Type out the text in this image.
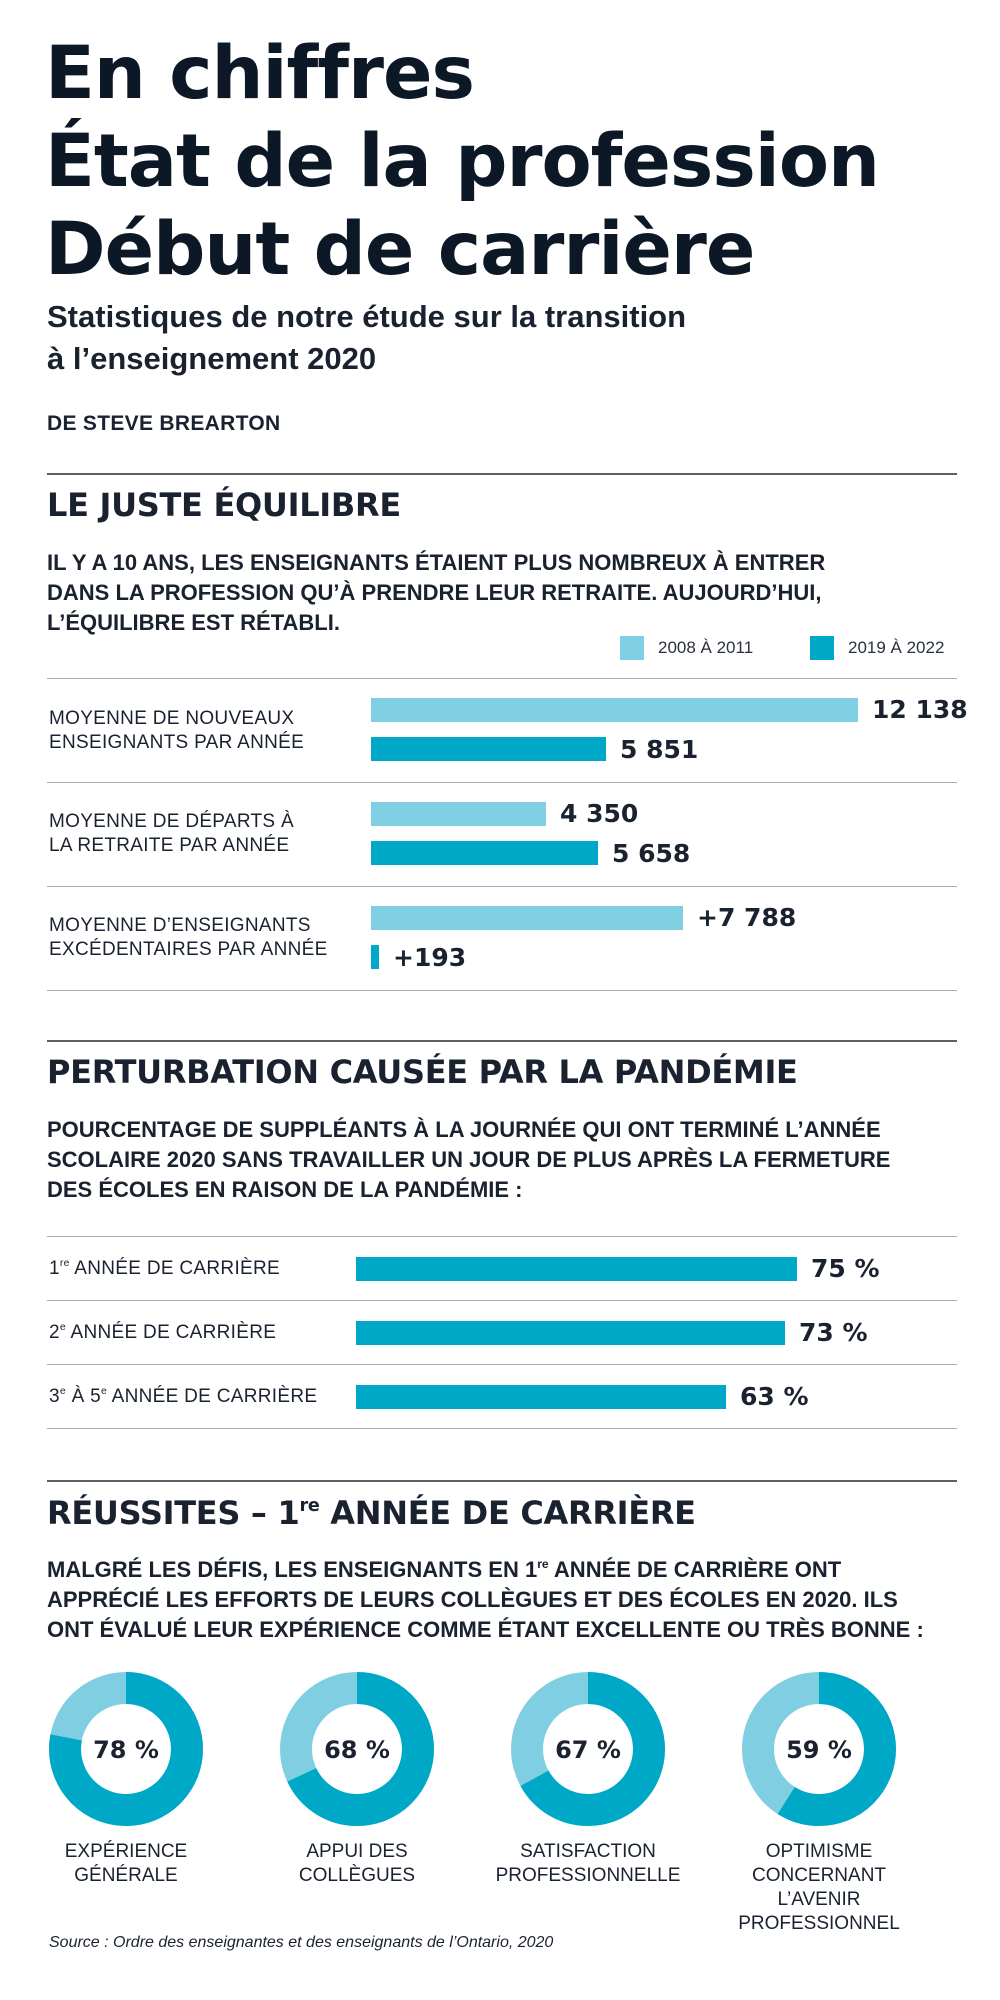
En chiffres
État de la profession
Début de carrière
Statistiques de notre étude sur la transition
à l’enseignement 2020
DE STEVE BREARTON
LE JUSTE ÉQUILIBRE
IL Y A 10 ANS, LES ENSEIGNANTS ÉTAIENT PLUS NOMBREUX À ENTRER
DANS LA PROFESSION QU’À PRENDRE LEUR RETRAITE. AUJOURD’HUI,
L’ÉQUILIBRE EST RÉTABLI.
2008 À 2011	2019 À 2022
MOYENNE DE NOUVEAUX
ENSEIGNANTS PAR ANNÉE
12 138
5 851
MOYENNE DE DÉPARTS À
LA RETRAITE PAR ANNÉE
4 350
5 658
MOYENNE D’ENSEIGNANTS
EXCÉDENTAIRES PAR ANNÉE
+7 788
+193
PERTURBATION CAUSÉE PAR LA PANDÉMIE
POURCENTAGE DE SUPPLÉANTS À LA JOURNÉE QUI ONT TERMINÉ L’ANNÉE
SCOLAIRE 2020 SANS TRAVAILLER UN JOUR DE PLUS APRÈS LA FERMETURE
DES ÉCOLES EN RAISON DE LA PANDÉMIE :
1re ANNÉE DE CARRIÈRE	75 %
2e ANNÉE DE CARRIÈRE	73 %
3e À 5e ANNÉE DE CARRIÈRE	63 %
RÉUSSITES – 1re ANNÉE DE CARRIÈRE
MALGRÉ LES DÉFIS, LES ENSEIGNANTS EN 1re ANNÉE DE CARRIÈRE ONT
APPRÉCIÉ LES EFFORTS DE LEURS COLLÈGUES ET DES ÉCOLES EN 2020. ILS
ONT ÉVALUÉ LEUR EXPÉRIENCE COMME ÉTANT EXCELLENTE OU TRÈS BONNE :
78 %
EXPÉRIENCE
GÉNÉRALE
68 %
APPUI DES
COLLÈGUES
67 %
SATISFACTION
PROFESSIONNELLE
59 %
OPTIMISME
CONCERNANT
L’AVENIR
PROFESSIONNEL
Source : Ordre des enseignantes et des enseignants de l’Ontario, 2020
